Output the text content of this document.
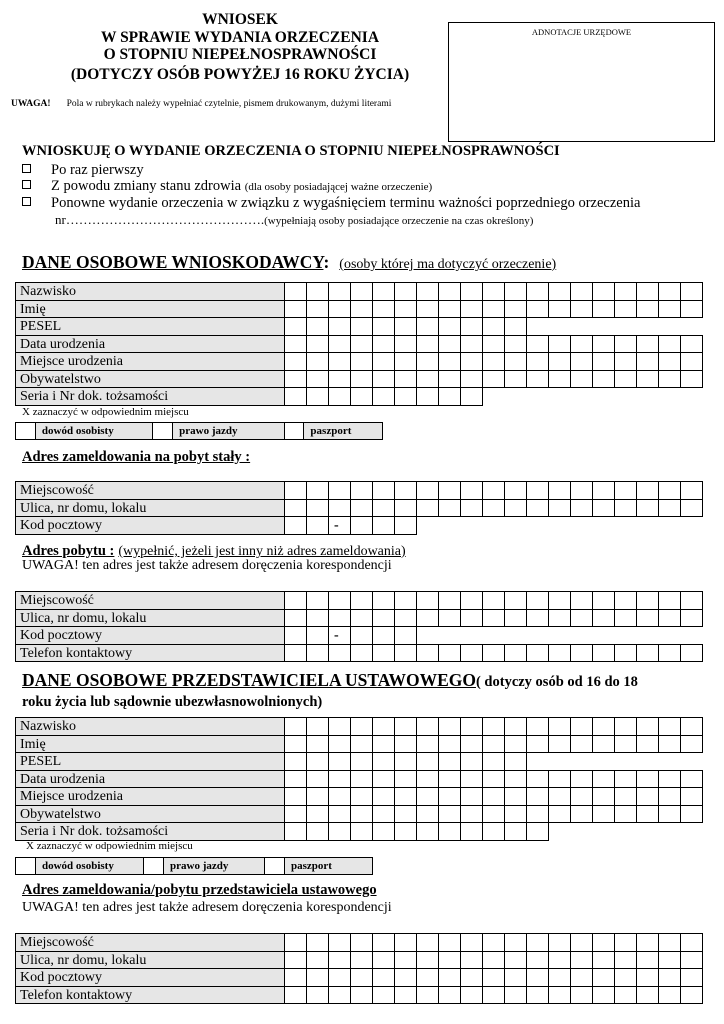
WNIOSEK
W SPRAWIE WYDANIA ORZECZENIA
O STOPNIU NIEPEŁNOSPRAWNOŚCI
(DOTYCZY OSÓB POWYŻEJ 16 ROKU ŻYCIA)
ADNOTACJE URZĘDOWE
UWAGA! Pola w rubrykach należy wypełniać czytelnie, pismem drukowanym, dużymi literami
WNIOSKUJĘ O WYDANIE ORZECZENIA O STOPNIU NIEPEŁNOSPRAWNOŚCI
Po raz pierwszy
Z powodu zmiany stanu zdrowia (dla osoby posiadającej ważne orzeczenie)
Ponowne wydanie orzeczenia w związku z wygaśnięciem terminu ważności poprzedniego orzeczenia
nr……………………………………….(wypełniają osoby posiadające orzeczenie na czas określony)
DANE OSOBOWE WNIOSKODAWCY: (osoby której ma dotyczyć orzeczenie)
Nazwisko
Imię
PESEL
Data urodzenia
Miejsce urodzenia
Obywatelstwo
Seria i Nr dok. tożsamości
X zaznaczyć w odpowiednim miejscu
dowód osobisty	prawo jazdy	paszport
Adres zameldowania na pobyt stały :
Miejscowość
Ulica, nr domu, lokalu
Kod pocztowy	-
Adres pobytu : (wypełnić, jeżeli jest inny niż adres zameldowania)
UWAGA! ten adres jest także adresem doręczenia korespondencji
Miejscowość
Ulica, nr domu, lokalu
Kod pocztowy	-
Telefon kontaktowy
DANE OSOBOWE PRZEDSTAWICIELA USTAWOWEGO( dotyczy osób od 16 do 18
roku życia lub sądownie ubezwłasnowolnionych)
Nazwisko
Imię
PESEL
Data urodzenia
Miejsce urodzenia
Obywatelstwo
Seria i Nr dok. tożsamości
X zaznaczyć w odpowiednim miejscu
dowód osobisty	prawo jazdy	paszport
Adres zameldowania/pobytu przedstawiciela ustawowego
UWAGA! ten adres jest także adresem doręczenia korespondencji
Miejscowość
Ulica, nr domu, lokalu
Kod pocztowy
Telefon kontaktowy
